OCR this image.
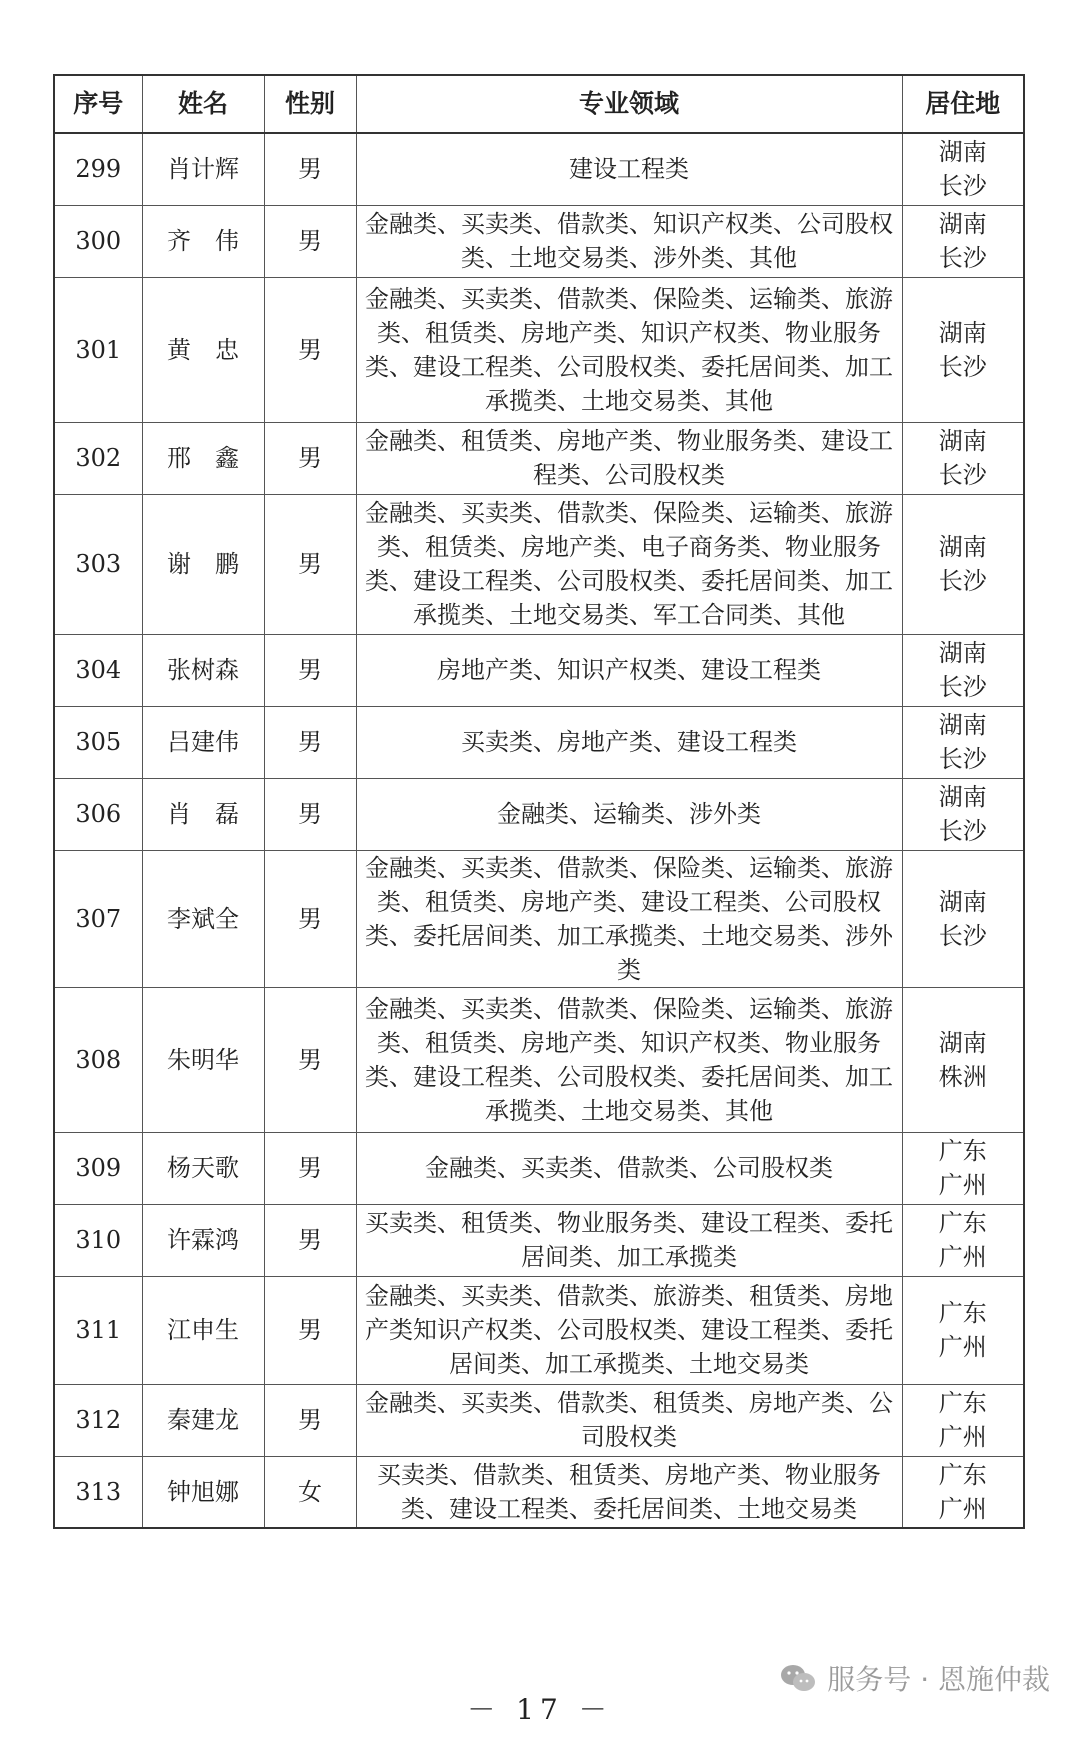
序号	姓名	性别	专业领域	居住地
299	肖计辉	男	建设工程类	湖南
长沙

300	齐　伟	男	金融类、买卖类、借款类、知识产权类、公司股权类、土地交易类、涉外类、其他	湖南
长沙

301	黄　忠	男	金融类、买卖类、借款类、保险类、运输类、旅游类、租赁类、房地产类、知识产权类、物业服务类、建设工程类、公司股权类、委托居间类、加工承揽类、土地交易类、其他	湖南
长沙

302	邢　鑫	男	金融类、租赁类、房地产类、物业服务类、建设工程类、公司股权类	湖南
长沙

303	谢　鹏	男	金融类、买卖类、借款类、保险类、运输类、旅游类、租赁类、房地产类、电子商务类、物业服务类、建设工程类、公司股权类、委托居间类、加工承揽类、土地交易类、军工合同类、其他	湖南
长沙

304	张树森	男	房地产类、知识产权类、建设工程类	湖南
长沙

305	吕建伟	男	买卖类、房地产类、建设工程类	湖南
长沙

306	肖　磊	男	金融类、运输类、涉外类	湖南
长沙

307	李斌全	男	金融类、买卖类、借款类、保险类、运输类、旅游类、租赁类、房地产类、建设工程类、公司股权类、委托居间类、加工承揽类、土地交易类、涉外类	湖南
长沙

308	朱明华	男	金融类、买卖类、借款类、保险类、运输类、旅游类、租赁类、房地产类、知识产权类、物业服务类、建设工程类、公司股权类、委托居间类、加工承揽类、土地交易类、其他	湖南
株洲

309	杨天歌	男	金融类、买卖类、借款类、公司股权类	广东
广州

310	许霖鸿	男	买卖类、租赁类、物业服务类、建设工程类、委托居间类、加工承揽类	广东
广州

311	江申生	男	金融类、买卖类、借款类、旅游类、租赁类、房地产类知识产权类、公司股权类、建设工程类、委托居间类、加工承揽类、土地交易类	广东
广州

312	秦建龙	男	金融类、买卖类、借款类、租赁类、房地产类、公司股权类	广东
广州

313	钟旭娜	女	买卖类、借款类、租赁类、房地产类、物业服务类、建设工程类、委托居间类、土地交易类	广东
广州
－ 17 －
服务号 · 恩施仲裁
